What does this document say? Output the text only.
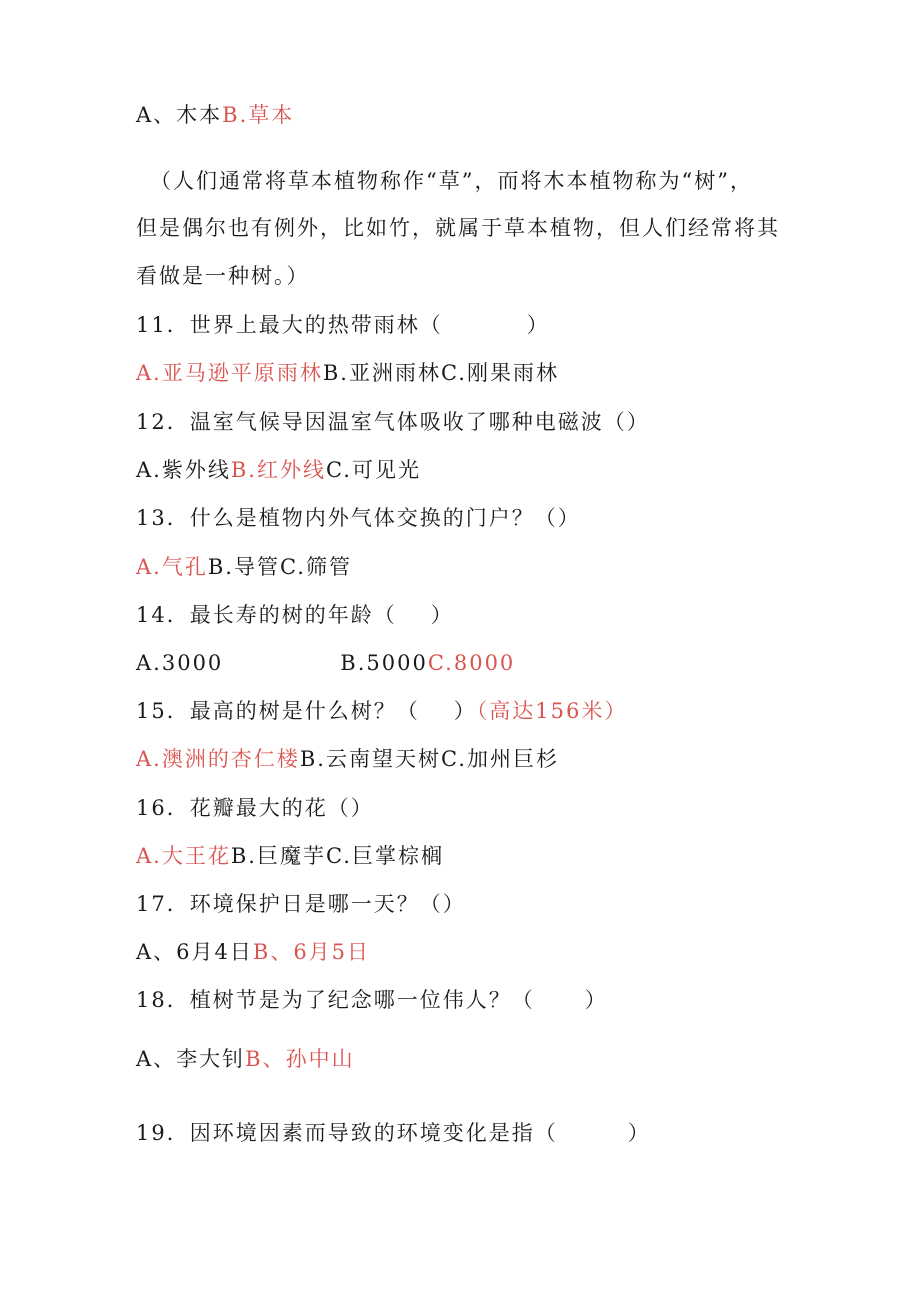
A、木本B.草本
（人们通常将草本植物称作“草”，而将木本植物称为“树”，
但是偶尔也有例外，比如竹，就属于草本植物，但人们经常将其
看做是一种树。）
11．世界上最大的热带雨林（	）
A.亚马逊平原雨林B.亚洲雨林C.刚果雨林
12．温室气候导因温室气体吸收了哪种电磁波（）
A.紫外线B.红外线C.可见光
13．什么是植物内外气体交换的门户？（）
A.气孔B.导管C.筛管
14．最长寿的树的年龄（ ）
A.3000	B.5000C.8000
15．最高的树是什么树？（ ）（高达156米）
A.澳洲的杏仁楼B.云南望天树C.加州巨杉
16．花瓣最大的花（）
A.大王花B.巨魔芋C.巨掌棕榈
17．环境保护日是哪一天？（）
A、6月4日B、6月5日
18．植树节是为了纪念哪一位伟人？（ ）
A、李大钊B、孙中山
19．因环境因素而导致的环境变化是指（	）
